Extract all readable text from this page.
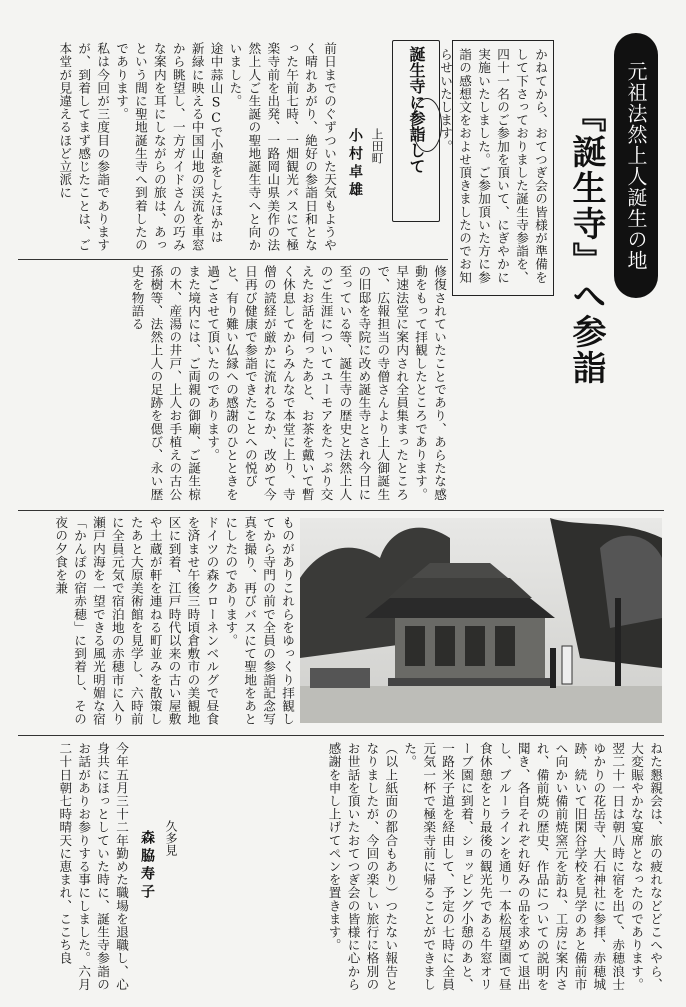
元祖法然上人誕生の地
『誕生寺』へ参詣
かねてから、おてつぎ会の皆様が準備をして下さっておりました誕生寺参詣を、四十一名のご参加を頂いて、にぎやかに実施いたしました。ご参加頂いた方に参詣の感想文をおよせ頂きましたのでお知らせいたします。
誕生寺に参詣して
上田町
小村卓雄
前日までのぐずついた天気もようやく晴れあがり、絶好の参詣日和となった午前七時、一畑観光バスにて極楽寺前を出発、一路岡山県美作の法然上人ご生誕の聖地誕生寺へと向かいました。
途中蒜山SCで小憩をしたほかは新緑に映える中国山地の渓流を車窓から眺望し、一方ガイドさんの巧みな案内を耳にしながらの旅は、あっという間に聖地誕生寺へ到着したのであります。
私は今回が三度目の参詣でありますが、到着してまず感じたことは、ご本堂が見違えるほど立派に
修復されていたことであり、あらたな感動をもって拝観したところであります。
早速法堂に案内され全員集まったところで、広報担当の寺僧さんより上人御誕生の旧邸を寺院に改め誕生寺とされ今日に至っている等、誕生寺の歴史と法然上人のご生涯についてユーモアをたっぷり交えたお話を伺ったあと、お茶を戴いて暫く休息してからみんなで本堂に上り、寺僧の読経が厳かに流れるなか、改めて今日再び健康で参詣できたことへの悦びと、有り難い仏縁への感謝のひとときを過ごさせて頂いたのであります。
また境内には、ご両親の御廟、ご誕生椋の木、産湯の井戸、上人お手植えの古公孫樹等、法然上人の足跡を偲び、永い歴史を物語る
ものがありこれらをゆっくり拝観してから寺門の前で全員の参詣記念写真を撮り、再びバスにて聖地をあとにしたのであります。
ドイツの森クローネンベルグで昼食を済ませ午後三時頃倉敷市の美観地区に到着、江戸時代以来の古い屋敷や土蔵が軒を連ねる町並みを散策したあと大原美術館を見学し、六時前に全員元気で宿泊地の赤穂市に入り瀬戸内海を一望できる風光明媚な宿「かんぽの宿赤穂」に到着し、その夜の夕食を兼
ねた懇親会は、旅の疲れなどどこへやら、大変賑やかな宴席となったのであります。
翌二十一日は朝八時に宿を出て、赤穂浪士ゆかりの花岳寺、大石神社に参拝、赤穂城跡、続いて旧閑谷学校を見学のあと備前市へ向かい備前焼窯元を訪ね、工房に案内され、備前焼の歴史、作品についての説明を聞き、各自それぞれ好みの品を求めて退出し、ブルーラインを通り一本松展望園で昼食休憩をとり最後の観光先である牛窓オリーブ園に到着、ショッピング小憩のあと、一路米子道を経由して、予定の七時に全員元気一杯で極楽寺前に帰ることができました。
（以上紙面の都合もあり）つたない報告となりましたが、今回の楽しい旅行に格別のお世話を頂いたおてつぎ会の皆様に心から感謝を申し上げてペンを置きます。
久多見
森脇寿子
今年五月三十二年勤めた職場を退職し、心身共にほっとしていた時に、誕生寺参詣のお話がありお参りする事にしました。六月二十日朝七時晴天に恵まれ、ここち良
